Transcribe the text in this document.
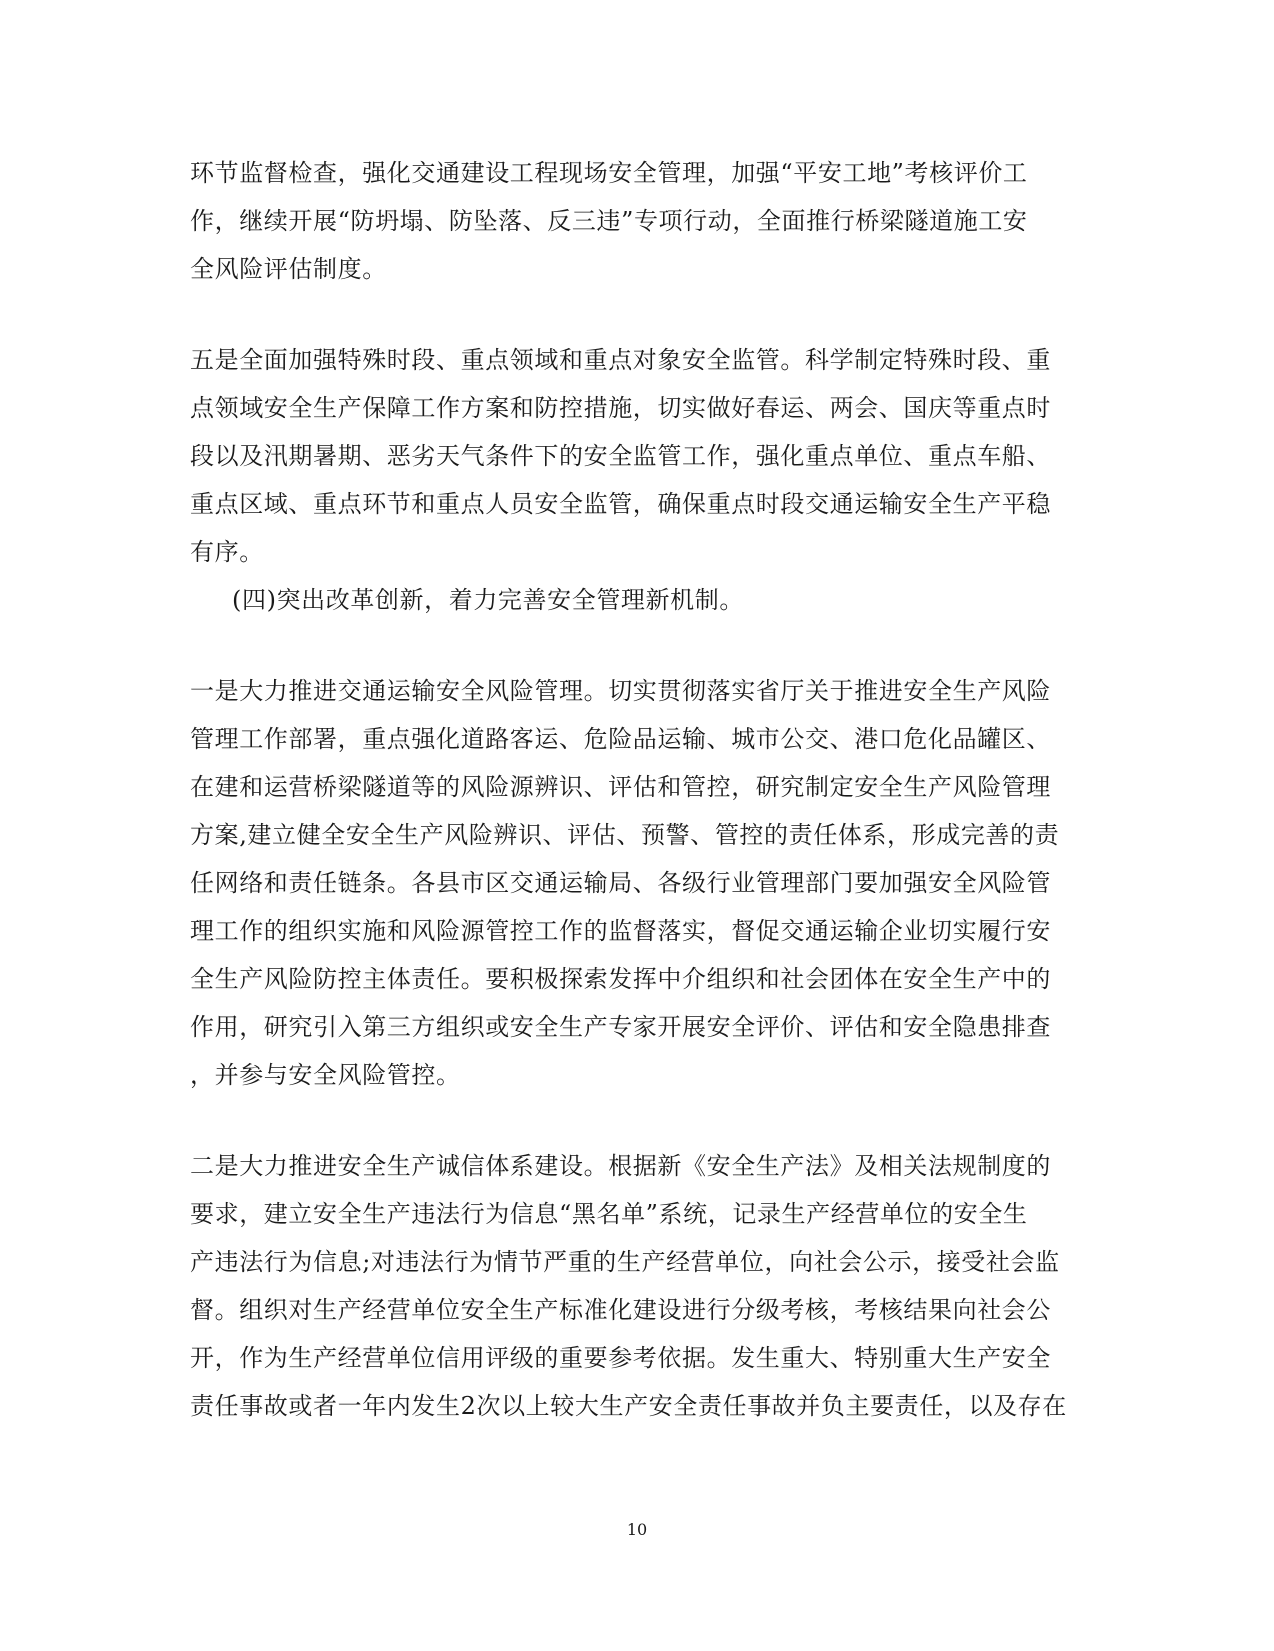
环节监督检查，强化交通建设工程现场安全管理，加强“平安工地”考核评价工
作，继续开展“防坍塌、防坠落、反三违”专项行动，全面推行桥梁隧道施工安
全风险评估制度。
五是全面加强特殊时段、重点领域和重点对象安全监管。科学制定特殊时段、重
点领域安全生产保障工作方案和防控措施，切实做好春运、两会、国庆等重点时
段以及汛期暑期、恶劣天气条件下的安全监管工作，强化重点单位、重点车船、
重点区域、重点环节和重点人员安全监管，确保重点时段交通运输安全生产平稳
有序。
(四)突出改革创新，着力完善安全管理新机制。
一是大力推进交通运输安全风险管理。切实贯彻落实省厅关于推进安全生产风险
管理工作部署，重点强化道路客运、危险品运输、城市公交、港口危化品罐区、
在建和运营桥梁隧道等的风险源辨识、评估和管控，研究制定安全生产风险管理
方案,建立健全安全生产风险辨识、评估、预警、管控的责任体系，形成完善的责
任网络和责任链条。各县市区交通运输局、各级行业管理部门要加强安全风险管
理工作的组织实施和风险源管控工作的监督落实，督促交通运输企业切实履行安
全生产风险防控主体责任。要积极探索发挥中介组织和社会团体在安全生产中的
作用，研究引入第三方组织或安全生产专家开展安全评价、评估和安全隐患排查
，并参与安全风险管控。
二是大力推进安全生产诚信体系建设。根据新《安全生产法》及相关法规制度的
要求，建立安全生产违法行为信息“黑名单”系统，记录生产经营单位的安全生
产违法行为信息;对违法行为情节严重的生产经营单位，向社会公示，接受社会监
督。组织对生产经营单位安全生产标准化建设进行分级考核，考核结果向社会公
开，作为生产经营单位信用评级的重要参考依据。发生重大、特别重大生产安全
责任事故或者一年内发生2次以上较大生产安全责任事故并负主要责任，以及存在
10
